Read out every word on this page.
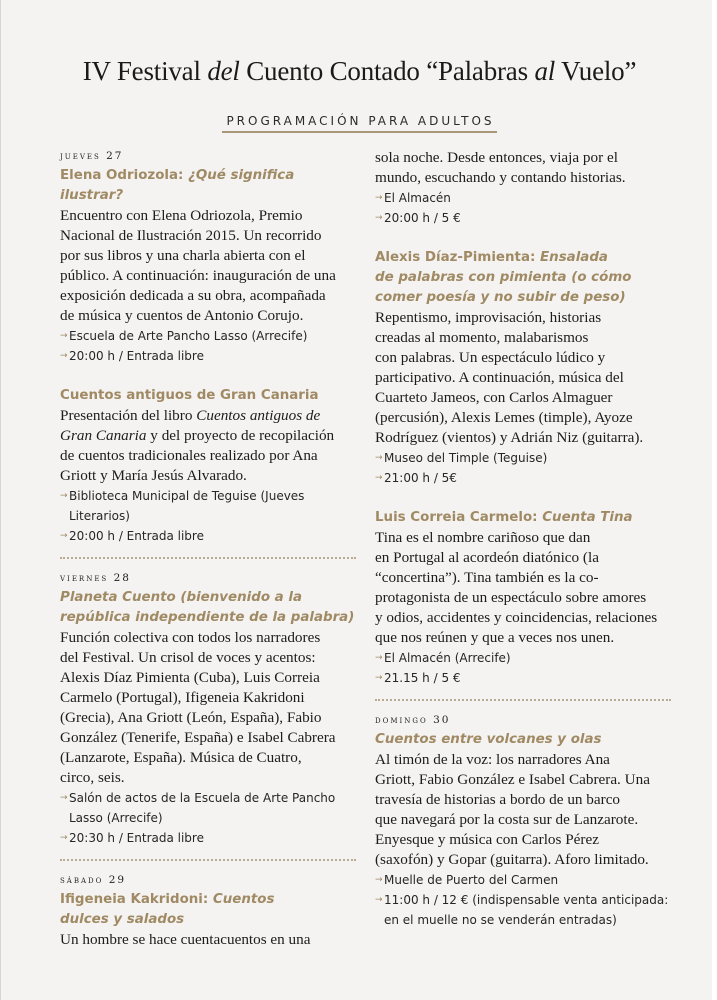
IV Festival del Cuento Contado “Palabras al Vuelo”
PROGRAMACIÓN PARA ADULTOS
jueves 27

Elena Odriozola: ¿Qué significa ilustrar?

Encuentro con Elena Odriozola, Premio
Nacional de Ilustración 2015. Un recorrido
por sus libros y una charla abierta con el
público. A continuación: inauguración de una
exposición dedicada a su obra, acompañada
de música y cuentos de Antonio Corujo.

→ Escuela de Arte Pancho Lasso (Arrecife)

→ 20:00 h / Entrada libre

Cuentos antiguos de Gran Canaria

Presentación del libro Cuentos antiguos de
Gran Canaria y del proyecto de recopilación
de cuentos tradicionales realizado por Ana
Griott y María Jesús Alvarado.

→ Biblioteca Municipal de Teguise (Jueves
Literarios)

→ 20:00 h / Entrada libre

viernes 28

Planeta Cuento (bienvenido a la
república independiente de la palabra)

Función colectiva con todos los narradores
del Festival. Un crisol de voces y acentos:
Alexis Díaz Pimienta (Cuba), Luis Correia
Carmelo (Portugal), Ifigeneia Kakridoni
(Grecia), Ana Griott (León, España), Fabio
González (Tenerife, España) e Isabel Cabrera
(Lanzarote, España). Música de Cuatro,
circo, seis.

→ Salón de actos de la Escuela de Arte Pancho
Lasso (Arrecife)

→ 20:30 h / Entrada libre

sábado 29

Ifigeneia Kakridoni: Cuentos
dulces y salados

Un hombre se hace cuentacuentos en una

sola noche. Desde entonces, viaja por el
mundo, escuchando y contando historias.

→ El Almacén

→ 20:00 h / 5 €

Alexis Díaz-Pimienta: Ensalada
de palabras con pimienta (o cómo
comer poesía y no subir de peso)

Repentismo, improvisación, historias
creadas al momento, malabarismos
con palabras. Un espectáculo lúdico y
participativo. A continuación, música del
Cuarteto Jameos, con Carlos Almaguer
(percusión), Alexis Lemes (timple), Ayoze
Rodríguez (vientos) y Adrián Niz (guitarra).

→ Museo del Timple (Teguise)

→ 21:00 h / 5€

Luis Correia Carmelo: Cuenta Tina

Tina es el nombre cariñoso que dan
en Portugal al acordeón diatónico (la
“concertina”). Tina también es la co-
protagonista de un espectáculo sobre amores
y odios, accidentes y coincidencias, relaciones
que nos reúnen y que a veces nos unen.

→ El Almacén (Arrecife)

→ 21.15 h / 5 €

domingo 30

Cuentos entre volcanes y olas

Al timón de la voz: los narradores Ana
Griott, Fabio González e Isabel Cabrera. Una
travesía de historias a bordo de un barco
que navegará por la costa sur de Lanzarote.
Enyesque y música con Carlos Pérez
(saxofón) y Gopar (guitarra). Aforo limitado.

→ Muelle de Puerto del Carmen

→ 11:00 h / 12 € (indispensable venta anticipada:
en el muelle no se venderán entradas)
